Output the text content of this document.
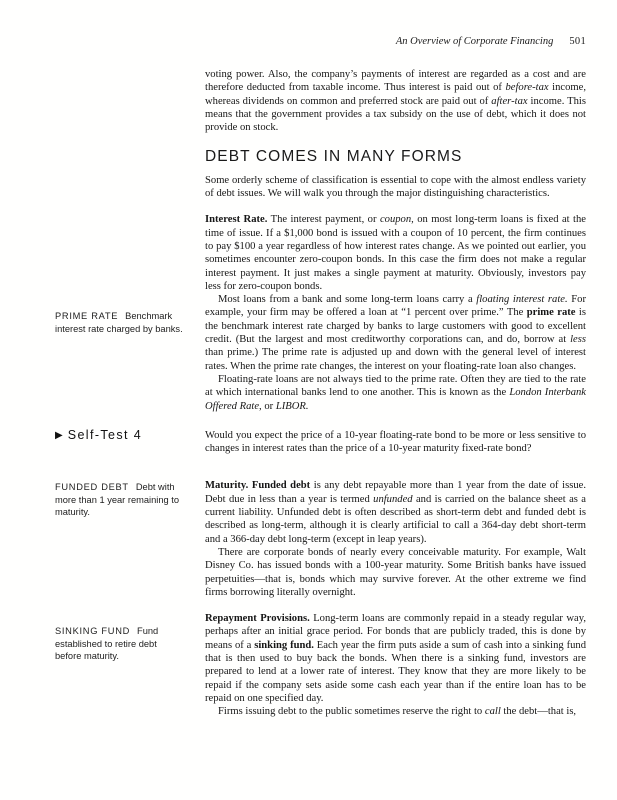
An Overview of Corporate Financing 501

voting power. Also, the company’s payments of interest are regarded as a cost and are therefore deducted from taxable income. Thus interest is paid out of before-tax income, whereas dividends on common and preferred stock are paid out of after-tax income. This means that the government provides a tax subsidy on the use of debt, which it does not provide on stock.

DEBT COMES IN MANY FORMS

Some orderly scheme of classification is essential to cope with the almost endless variety of debt issues. We will walk you through the major distinguishing characteristics.

Interest Rate. The interest payment, or coupon, on most long-term loans is fixed at the time of issue. If a $1,000 bond is issued with a coupon of 10 percent, the firm continues to pay $100 a year regardless of how interest rates change. As we pointed out earlier, you sometimes encounter zero-coupon bonds. In this case the firm does not make a regular interest payment. It just makes a single payment at maturity. Obviously, investors pay less for zero-coupon bonds.

PRIME RATE Benchmark interest rate charged by banks.

Most loans from a bank and some long-term loans carry a floating interest rate. For example, your firm may be offered a loan at “1 percent over prime.” The prime rate is the benchmark interest rate charged by banks to large customers with good to excellent credit. (But the largest and most creditworthy corporations can, and do, borrow at less than prime.) The prime rate is adjusted up and down with the general level of interest rates. When the prime rate changes, the interest on your floating-rate loan also changes.

Floating-rate loans are not always tied to the prime rate. Often they are tied to the rate at which international banks lend to one another. This is known as the London Interbank Offered Rate, or LIBOR.

▶ Self-Test 4	Would you expect the price of a 10-year floating-rate bond to be more or less sensitive to changes in interest rates than the price of a 10-year maturity fixed-rate bond?

FUNDED DEBT Debt with more than 1 year remaining to maturity.

Maturity. Funded debt is any debt repayable more than 1 year from the date of issue. Debt due in less than a year is termed unfunded and is carried on the balance sheet as a current liability. Unfunded debt is often described as short-term debt and funded debt is described as long-term, although it is clearly artificial to call a 364-day debt short-term and a 366-day debt long-term (except in leap years).

There are corporate bonds of nearly every conceivable maturity. For example, Walt Disney Co. has issued bonds with a 100-year maturity. Some British banks have issued perpetuities—that is, bonds which may survive forever. At the other extreme we find firms borrowing literally overnight.

SINKING FUND Fund established to retire debt before maturity.

Repayment Provisions. Long-term loans are commonly repaid in a steady regular way, perhaps after an initial grace period. For bonds that are publicly traded, this is done by means of a sinking fund. Each year the firm puts aside a sum of cash into a sinking fund that is then used to buy back the bonds. When there is a sinking fund, investors are prepared to lend at a lower rate of interest. They know that they are more likely to be repaid if the company sets aside some cash each year than if the entire loan has to be repaid on one specified day.

Firms issuing debt to the public sometimes reserve the right to call the debt—that is,
